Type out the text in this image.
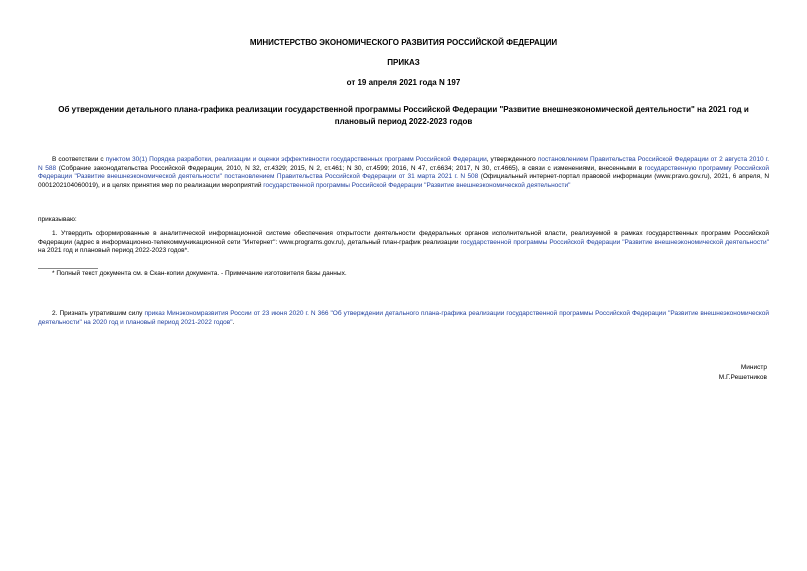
МИНИСТЕРСТВО ЭКОНОМИЧЕСКОГО РАЗВИТИЯ РОССИЙСКОЙ ФЕДЕРАЦИИ
ПРИКАЗ
от 19 апреля 2021 года N 197
Об утверждении детального плана-графика реализации государственной программы Российской Федерации "Развитие внешнеэкономической деятельности" на 2021 год и плановый период 2022-2023 годов
В соответствии с пунктом 30(1) Порядка разработки, реализации и оценки эффективности государственных программ Российской Федерации, утвержденного постановлением Правительства Российской Федерации от 2 августа 2010 г. N 588 (Собрание законодательства Российской Федерации, 2010, N 32, ст.4329; 2015, N 2, ст.461; N 30, ст.4599; 2016, N 47, ст.6634; 2017, N 30, ст.4665), в связи с изменениями, внесенными в государственную программу Российской Федерации "Развитие внешнеэкономической деятельности" постановлением Правительства Российской Федерации от 31 марта 2021 г. N 508 (Официальный интернет-портал правовой информации (www.pravo.gov.ru), 2021, 6 апреля, N 0001202104060019), и в целях принятия мер по реализации мероприятий государственной программы Российской Федерации "Развитие внешнеэкономической деятельности"
приказываю:
1. Утвердить сформированные в аналитической информационной системе обеспечения открытости деятельности федеральных органов исполнительной власти, реализуемой в рамках государственных программ Российской Федерации (адрес в информационно-телекоммуникационной сети "Интернет": www.programs.gov.ru), детальный план-график реализации государственной программы Российской Федерации "Развитие внешнеэкономической деятельности" на 2021 год и плановый период 2022-2023 годов*.
* Полный текст документа см. в Скан-копии документа. - Примечание изготовителя базы данных.
2. Признать утратившим силу приказ Минэкономразвития России от 23 июня 2020 г. N 366 "Об утверждении детального плана-графика реализации государственной программы Российской Федерации "Развитие внешнеэкономической деятельности" на 2020 год и плановый период 2021-2022 годов".
Министр
М.Г.Решетников
